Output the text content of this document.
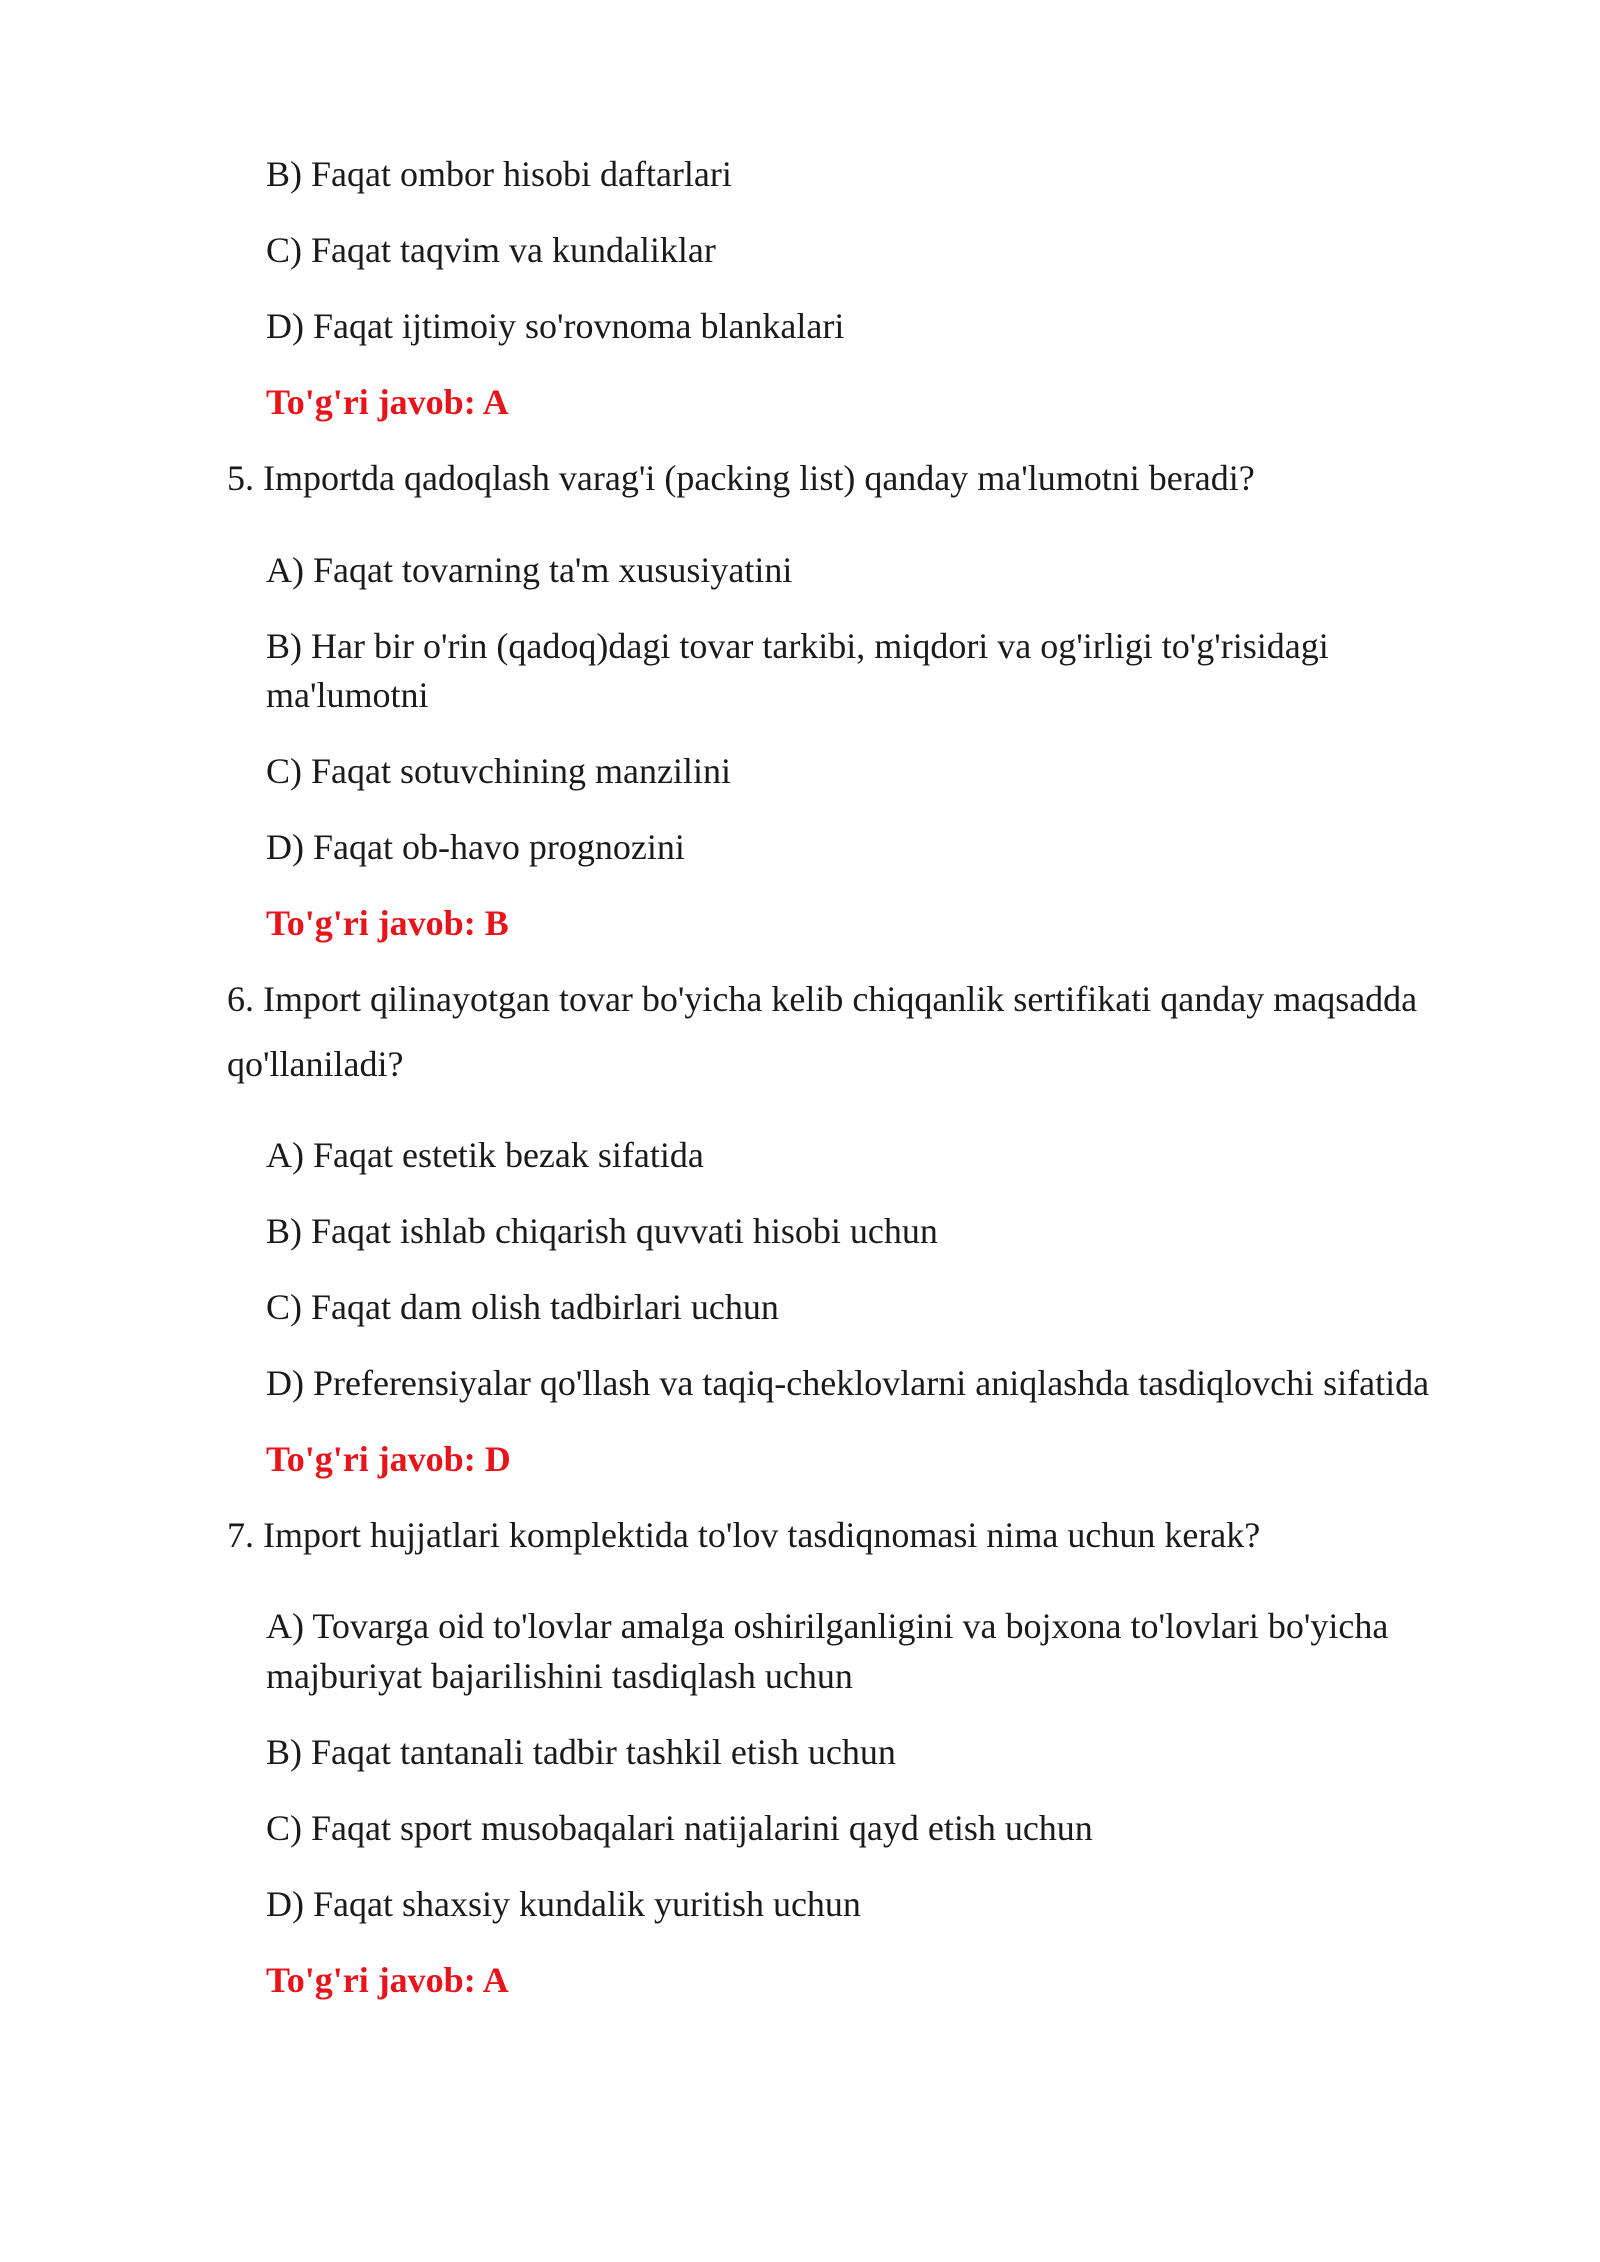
B) Faqat ombor hisobi daftarlari
C) Faqat taqvim va kundaliklar
D) Faqat ijtimoiy so'rovnoma blankalari
To'g'ri javob: A
5. Importda qadoqlash varag'i (packing list) qanday ma'lumotni beradi?
A) Faqat tovarning ta'm xususiyatini
B) Har bir o'rin (qadoq)dagi tovar tarkibi, miqdori va og'irligi to'g'risidagi
ma'lumotni
C) Faqat sotuvchining manzilini
D) Faqat ob-havo prognozini
To'g'ri javob: B
6. Import qilinayotgan tovar bo'yicha kelib chiqqanlik sertifikati qanday maqsadda
qo'llaniladi?
A) Faqat estetik bezak sifatida
B) Faqat ishlab chiqarish quvvati hisobi uchun
C) Faqat dam olish tadbirlari uchun
D) Preferensiyalar qo'llash va taqiq-cheklovlarni aniqlashda tasdiqlovchi sifatida
To'g'ri javob: D
7. Import hujjatlari komplektida to'lov tasdiqnomasi nima uchun kerak?
A) Tovarga oid to'lovlar amalga oshirilganligini va bojxona to'lovlari bo'yicha
majburiyat bajarilishini tasdiqlash uchun
B) Faqat tantanali tadbir tashkil etish uchun
C) Faqat sport musobaqalari natijalarini qayd etish uchun
D) Faqat shaxsiy kundalik yuritish uchun
To'g'ri javob: A
